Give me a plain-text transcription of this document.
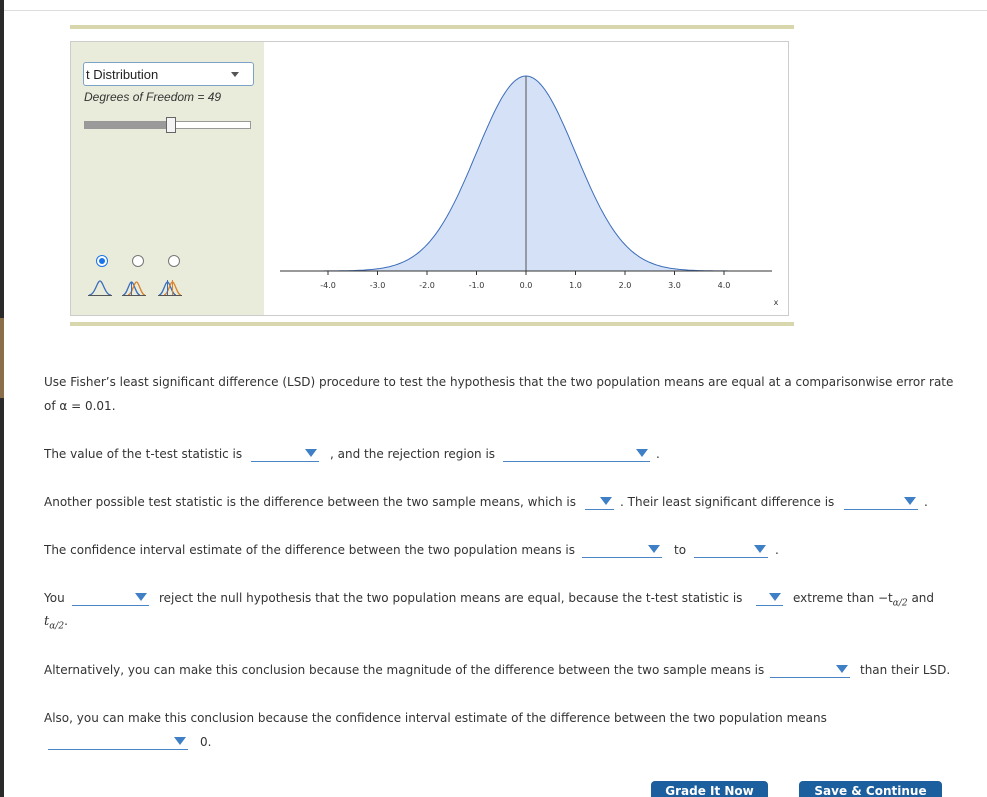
t Distribution
Degrees of Freedom = 49
-4.0	-3.0	-2.0	-1.0	0.0	1.0	2.0	3.0	4.0
x
Use Fisher’s least significant difference (LSD) procedure to test the hypothesis that the two population means are equal at a comparisonwise error rate
of α = 0.01.
The value of the t-test statistic is	, and the rejection region is	.
Another possible test statistic is the difference between the two sample means, which is	. Their least significant difference is	.
The confidence interval estimate of the difference between the two population means is	to	.
You	reject the null hypothesis that the two population means are equal, because the t-test statistic is	extreme than $-t_{\alpha/2}$ and
$t_{\alpha/2}$.
Alternatively, you can make this conclusion because the magnitude of the difference between the two sample means is	than their LSD.
Also, you can make this conclusion because the confidence interval estimate of the difference between the two population means
0.
Grade It Now	Save & Continue
